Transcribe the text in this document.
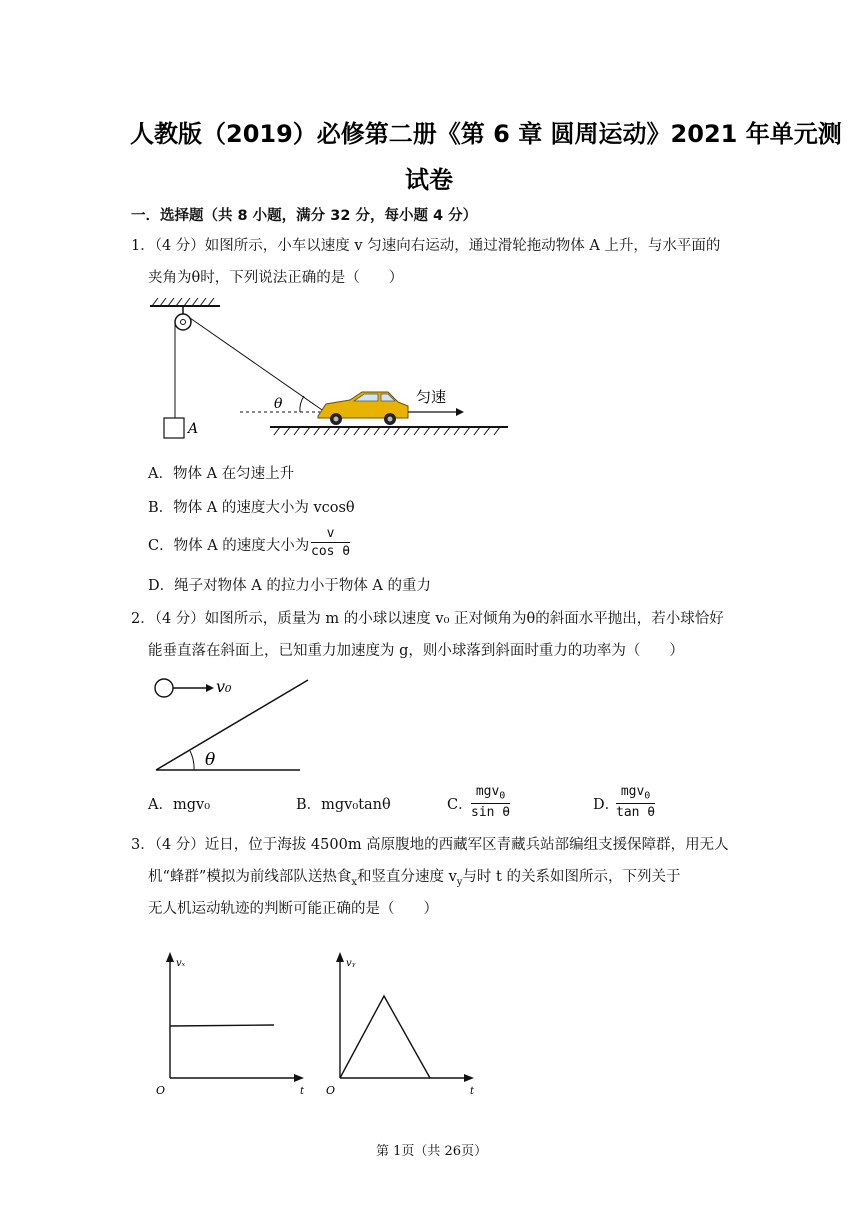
人教版（2019）必修第二册《第 6 章 圆周运动》2021 年单元测
试卷
一．选择题（共 8 小题，满分 32 分，每小题 4 分）
1．（4 分）如图所示，小车以速度 v 匀速向右运动，通过滑轮拖动物体 A 上升，与水平面的
夹角为θ时，下列说法正确的是（　　）
A
θ	匀速
A．物体 A 在匀速上升
B．物体 A 的速度大小为 vcosθ
C．物体 A 的速度大小为 $\frac{v}{\text{cos θ}}$
D．绳子对物体 A 的拉力小于物体 A 的重力
2．（4 分）如图所示，质量为 m 的小球以速度 v₀ 正对倾角为θ的斜面水平抛出，若小球恰好
能垂直落在斜面上，已知重力加速度为 g，则小球落到斜面时重力的功率为（　　）
v₀
θ
A．mgv₀	B．mgv₀tanθ	C．
mgv$_0$
sin θ	D．
mgv$_0$
tan θ
3．（4 分）近日，位于海拔 4500m 高原腹地的西藏军区青藏兵站部编组支援保障群，用无人
机“蜂群”模拟为前线部队送热食$_x$和竖直分速度 $v_y$与时 t 的关系如图所示，下列关于
无人机运动轨迹的判断可能正确的是（　　）
vₓ
O	t
vᵧ
O	t
第 1页（共 26页）
